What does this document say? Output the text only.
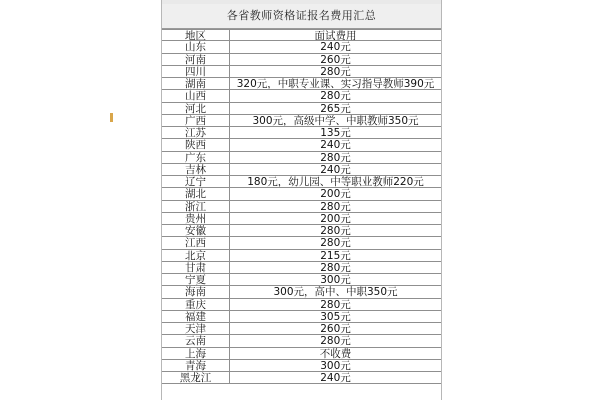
各省教师资格证报名费用汇总
地区	面试费用
山东	240元
河南	260元
四川	280元
湖南	320元，中职专业课、实习指导教师390元
山西	280元
河北	265元
广西	300元，高级中学、中职教师350元
江苏	135元
陕西	240元
广东	280元
吉林	240元
辽宁	180元，幼儿园、中等职业教师220元
湖北	200元
浙江	280元
贵州	200元
安徽	280元
江西	280元
北京	215元
甘肃	280元
宁夏	300元
海南	300元，高中、中职350元
重庆	280元
福建	305元
天津	260元
云南	280元
上海	不收费
青海	300元
黑龙江	240元
